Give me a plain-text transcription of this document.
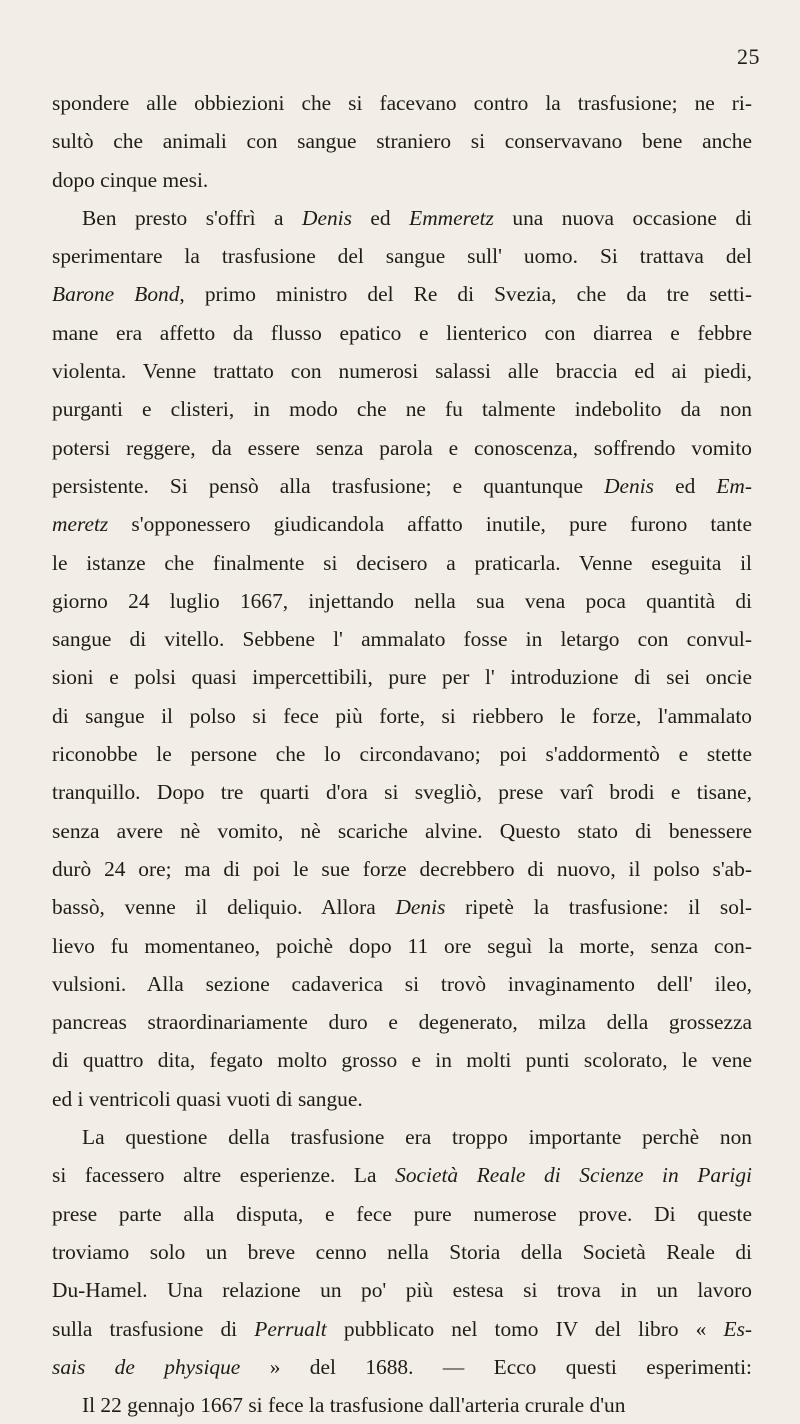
25
spondere alle obbiezioni che si facevano contro la trasfusione; ne ri-
sultò che animali con sangue straniero si conservavano bene anche
dopo cinque mesi.
Ben presto s'offrì a Denis ed Emmeretz una nuova occasione di
sperimentare la trasfusione del sangue sull' uomo. Si trattava del
Barone Bond, primo ministro del Re di Svezia, che da tre setti-
mane era affetto da flusso epatico e lienterico con diarrea e febbre
violenta. Venne trattato con numerosi salassi alle braccia ed ai piedi,
purganti e clisteri, in modo che ne fu talmente indebolito da non
potersi reggere, da essere senza parola e conoscenza, soffrendo vomito
persistente. Si pensò alla trasfusione; e quantunque Denis ed Em-
meretz s'opponessero giudicandola affatto inutile, pure furono tante
le istanze che finalmente si decisero a praticarla. Venne eseguita il
giorno 24 luglio 1667, injettando nella sua vena poca quantità di
sangue di vitello. Sebbene l' ammalato fosse in letargo con convul-
sioni e polsi quasi impercettibili, pure per l' introduzione di sei oncie
di sangue il polso si fece più forte, si riebbero le forze, l'ammalato
riconobbe le persone che lo circondavano; poi s'addormentò e stette
tranquillo. Dopo tre quarti d'ora si svegliò, prese varî brodi e tisane,
senza avere nè vomito, nè scariche alvine. Questo stato di benessere
durò 24 ore; ma di poi le sue forze decrebbero di nuovo, il polso s'ab-
bassò, venne il deliquio. Allora Denis ripetè la trasfusione: il sol-
lievo fu momentaneo, poichè dopo 11 ore seguì la morte, senza con-
vulsioni. Alla sezione cadaverica si trovò invaginamento dell' ileo,
pancreas straordinariamente duro e degenerato, milza della grossezza
di quattro dita, fegato molto grosso e in molti punti scolorato, le vene
ed i ventricoli quasi vuoti di sangue.
La questione della trasfusione era troppo importante perchè non
si facessero altre esperienze. La Società Reale di Scienze in Parigi
prese parte alla disputa, e fece pure numerose prove. Di queste
troviamo solo un breve cenno nella Storia della Società Reale di
Du-Hamel. Una relazione un po' più estesa si trova in un lavoro
sulla trasfusione di Perrualt pubblicato nel tomo IV del libro « Es-
sais de physique » del 1688. — Ecco questi esperimenti:
Il 22 gennajo 1667 si fece la trasfusione dall'arteria crurale d'un
